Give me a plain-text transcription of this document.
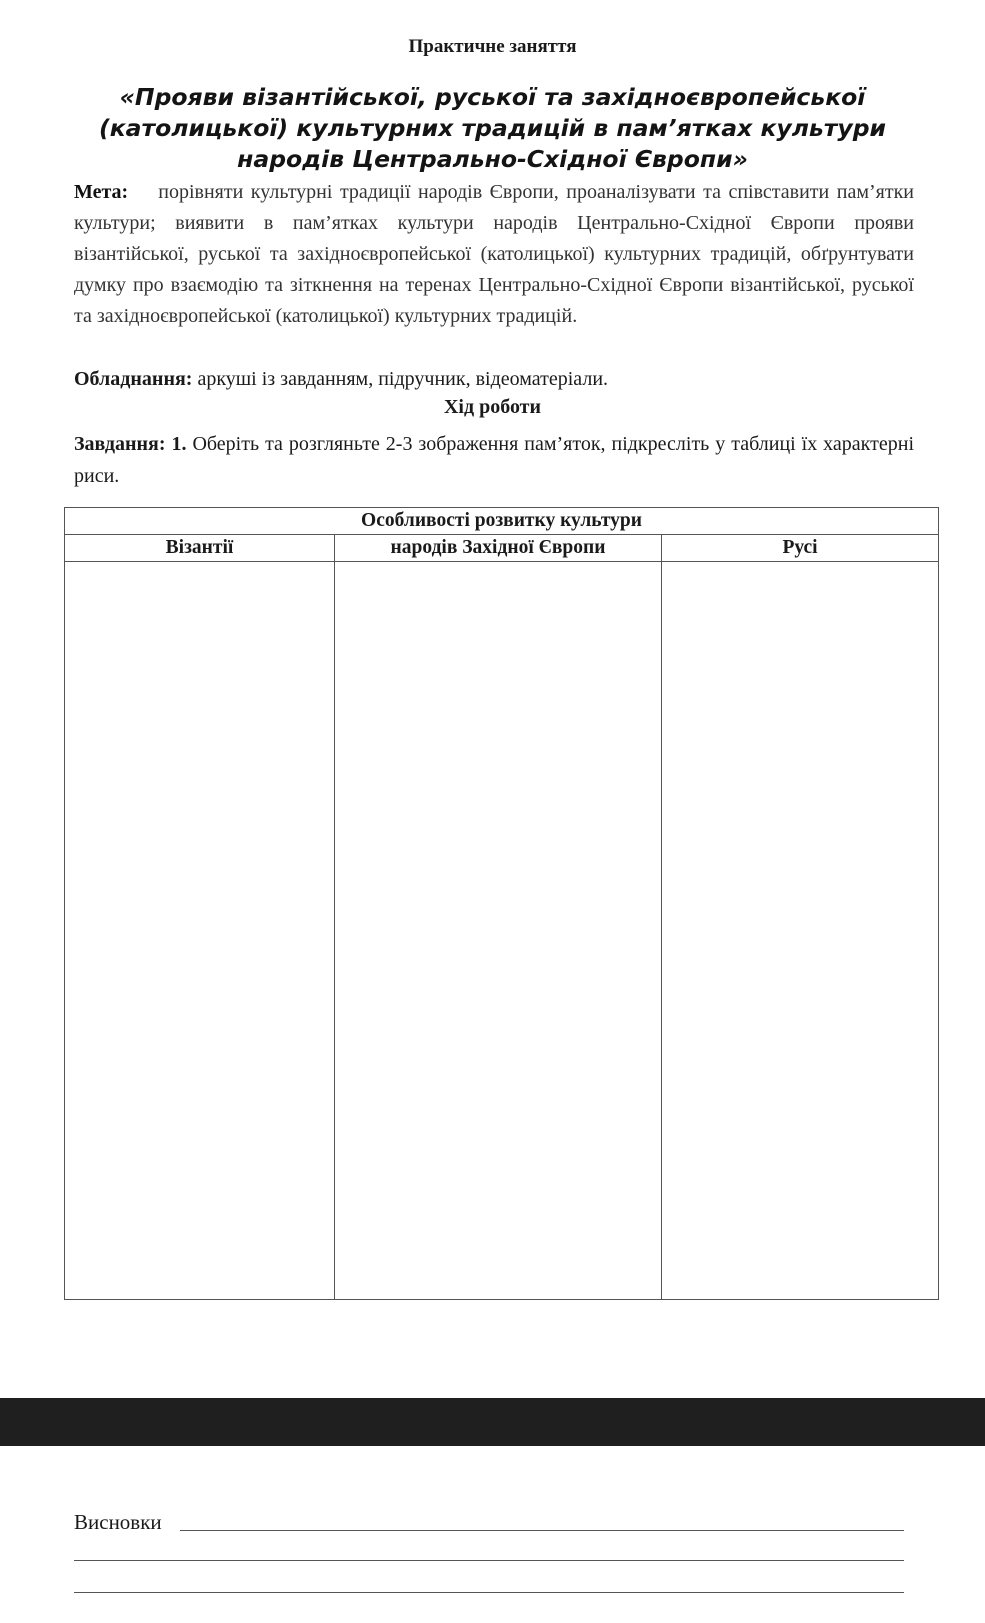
Практичне заняття
«Прояви візантійської, руської та західноєвропейської (католицької) культурних традицій в пам’ятках культури народів Центрально-Східної Європи»
Мета: порівняти культурні традиції народів Європи, проаналізувати та співставити пам’ятки культури; виявити в пам’ятках культури народів Центрально-Східної Європи прояви візантійської, руської та західноєвропейської (католицької) культурних традицій, обґрунтувати думку про взаємодію та зіткнення на теренах Центрально-Східної Європи візантійської, руської та західноєвропейської (католицької) культурних традицій.
Обладнання: аркуші із завданням, підручник, відеоматеріали.
Хід роботи
Завдання: 1. Оберіть та розгляньте 2-3 зображення пам’яток, підкресліть у таблиці їх характерні риси.
Особливості розвитку культури		
Візантії	народів Західної Європи	Русі

Висновки
